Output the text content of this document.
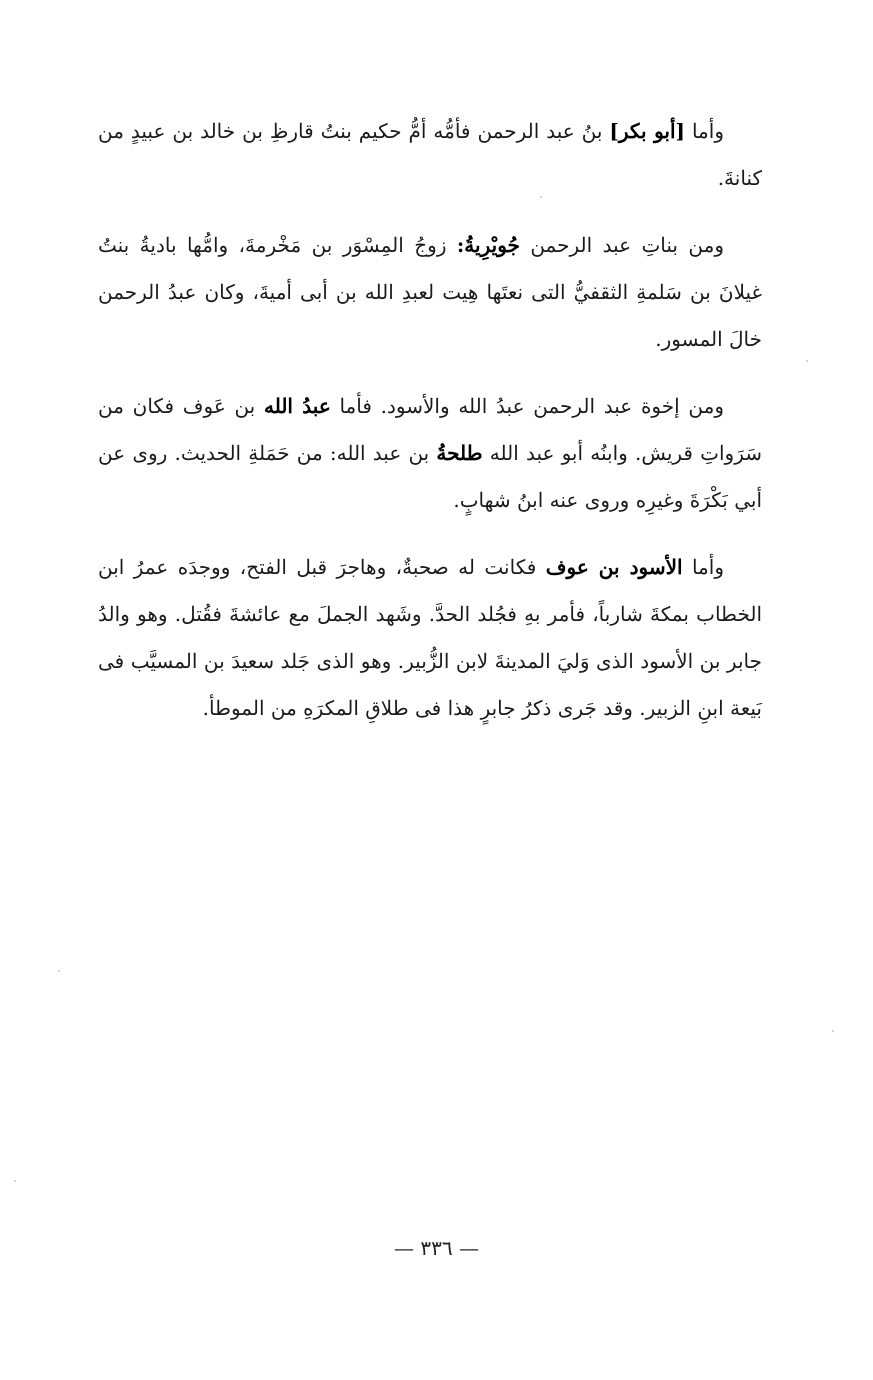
وأما [أبو بكر] بنُ عبد الرحمن فأمُّه أمُّ حكيم بنتُ قارظِ بن خالد بن عبيدٍ من كنانةَ.

ومن بناتِ عبد الرحمن جُويْرِيةُ: زوجُ المِسْوَر بن مَخْرمةَ، وامُّها باديةُ بنتُ غيلانَ بن سَلمةِ الثقفيُّ التى نعتَها هِيت لعبدِ الله بن أبى أميةَ، وكان عبدُ الرحمن خالَ المسور.

ومن إخوة عبد الرحمن عبدُ الله والأسود. فأما عبدُ الله بن عَوف فكان من سَرَواتِ قريش. وابنُه أبو عبد الله طلحةُ بن عبد الله: من حَمَلةِ الحديث. روى عن أبي بَكْرَةَ وغيرِه وروى عنه ابنُ شهابٍ.

وأما الأسود بن عوف فكانت له صحبةٌ، وهاجرَ قبل الفتح، ووجدَه عمرُ ابن الخطاب بمكةَ شارباً، فأمر بهِ فجُلد الحدَّ. وشَهد الجملَ مع عائشةَ فقُتل. وهو والدُ جابر بن الأسود الذى وَليَ المدينةَ لابن الزُّبير. وهو الذى جَلد سعيدَ بن المسيَّب فى بَيعة ابنِ الزبير. وقد جَرى ذكرُ جابرٍ هذا فى طلاقِ المكرَهِ من الموطأ.

— ٣٣٦ —
